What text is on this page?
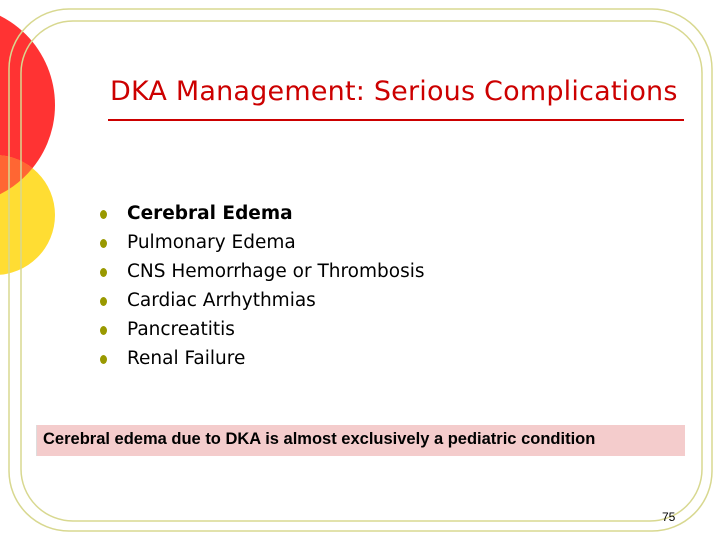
DKA Management: Serious Complications
Cerebral Edema
Pulmonary Edema
CNS Hemorrhage or Thrombosis
Cardiac Arrhythmias
Pancreatitis
Renal Failure
Cerebral edema due to DKA is almost exclusively a pediatric condition
75
